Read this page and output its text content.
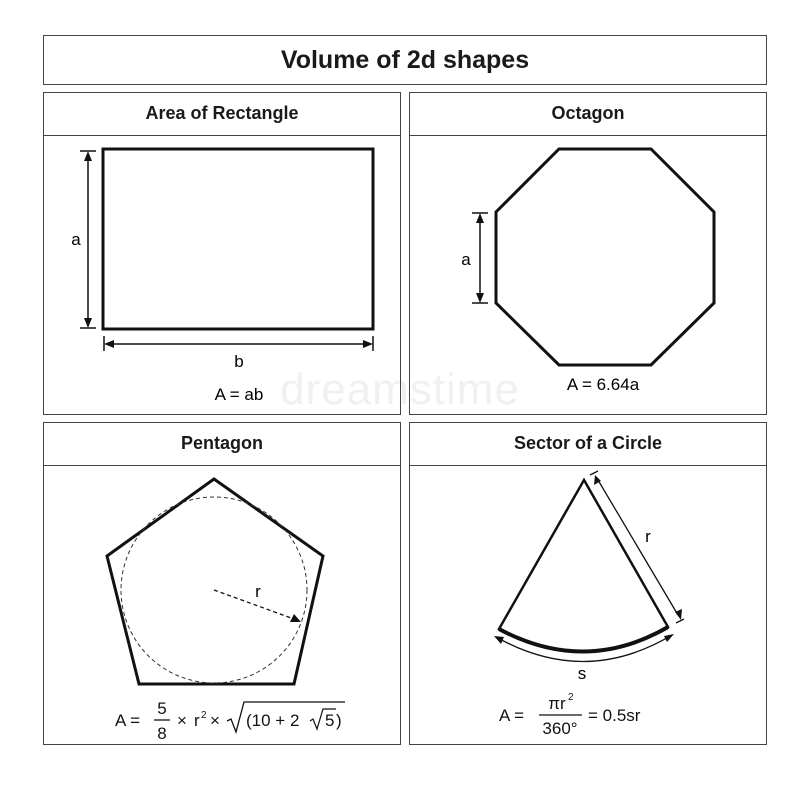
Volume of 2d shapes
Area of Rectangle
a
b
A = ab
Octagon
a
A = 6.64a
Pentagon
r
A =
5
8
× r 2 × (10 + 2 5 )
Sector of a Circle
r
s
A =
πr 2
360°
= 0.5sr
